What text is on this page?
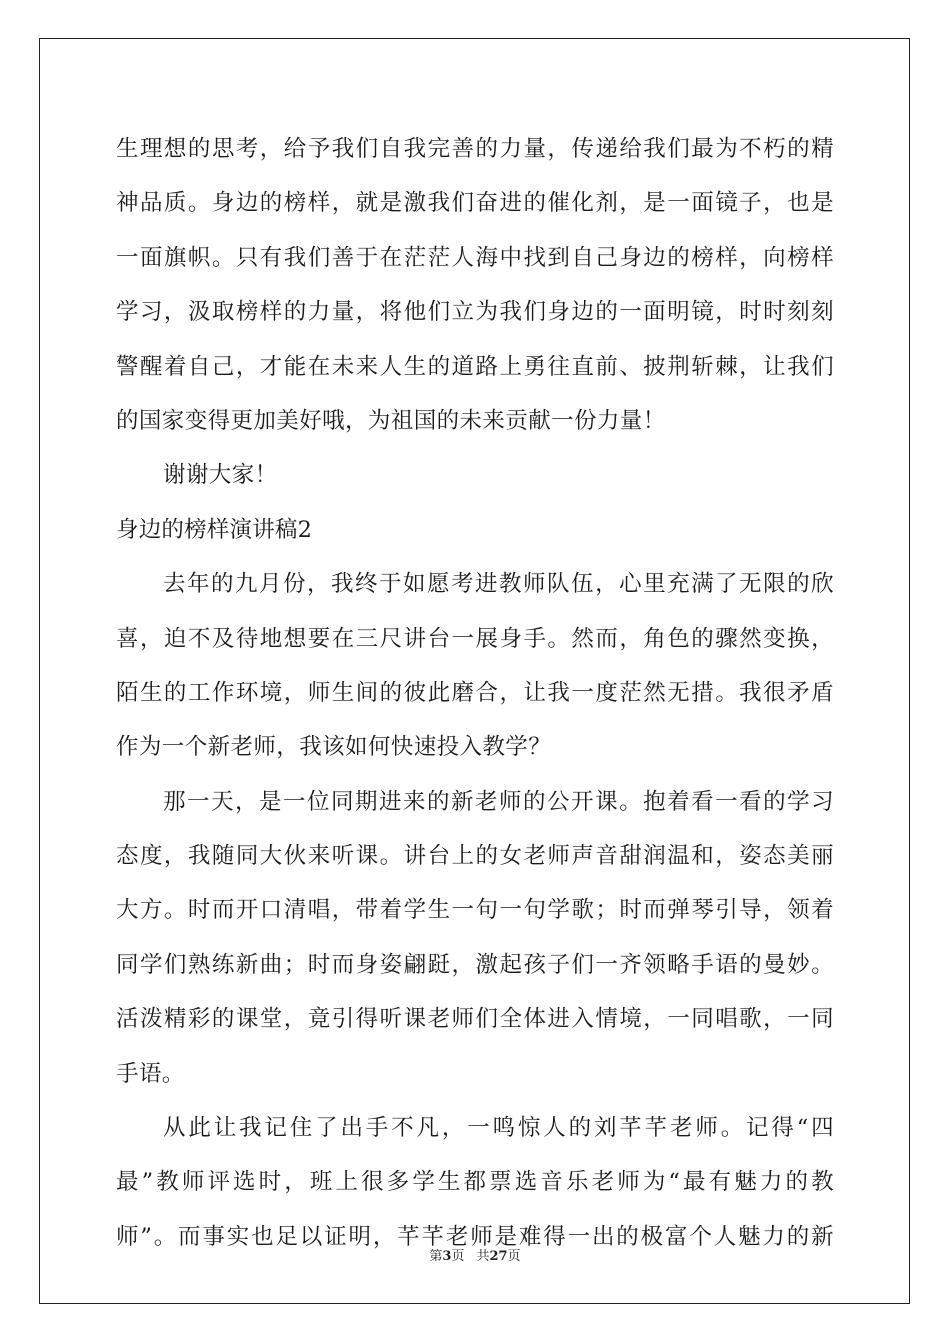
生理想的思考，给予我们自我完善的力量，传递给我们最为不朽的精
神品质。身边的榜样，就是激我们奋进的催化剂，是一面镜子，也是
一面旗帜。只有我们善于在茫茫人海中找到自己身边的榜样，向榜样
学习，汲取榜样的力量，将他们立为我们身边的一面明镜，时时刻刻
警醒着自己，才能在未来人生的道路上勇往直前、披荆斩棘，让我们
的国家变得更加美好哦，为祖国的未来贡献一份力量！
谢谢大家！
身边的榜样演讲稿2
去年的九月份，我终于如愿考进教师队伍，心里充满了无限的欣
喜，迫不及待地想要在三尺讲台一展身手。然而，角色的骤然变换，
陌生的工作环境，师生间的彼此磨合，让我一度茫然无措。我很矛盾
作为一个新老师，我该如何快速投入教学？
那一天，是一位同期进来的新老师的公开课。抱着看一看的学习
态度，我随同大伙来听课。讲台上的女老师声音甜润温和，姿态美丽
大方。时而开口清唱，带着学生一句一句学歌；时而弹琴引导，领着
同学们熟练新曲；时而身姿翩跹，激起孩子们一齐领略手语的曼妙。
活泼精彩的课堂，竟引得听课老师们全体进入情境，一同唱歌，一同
手语。
从此让我记住了出手不凡，一鸣惊人的刘芊芊老师。记得“四
最”教师评选时，班上很多学生都票选音乐老师为“最有魅力的教
师”。而事实也足以证明，芊芊老师是难得一出的极富个人魅力的新
第3页 共27页
